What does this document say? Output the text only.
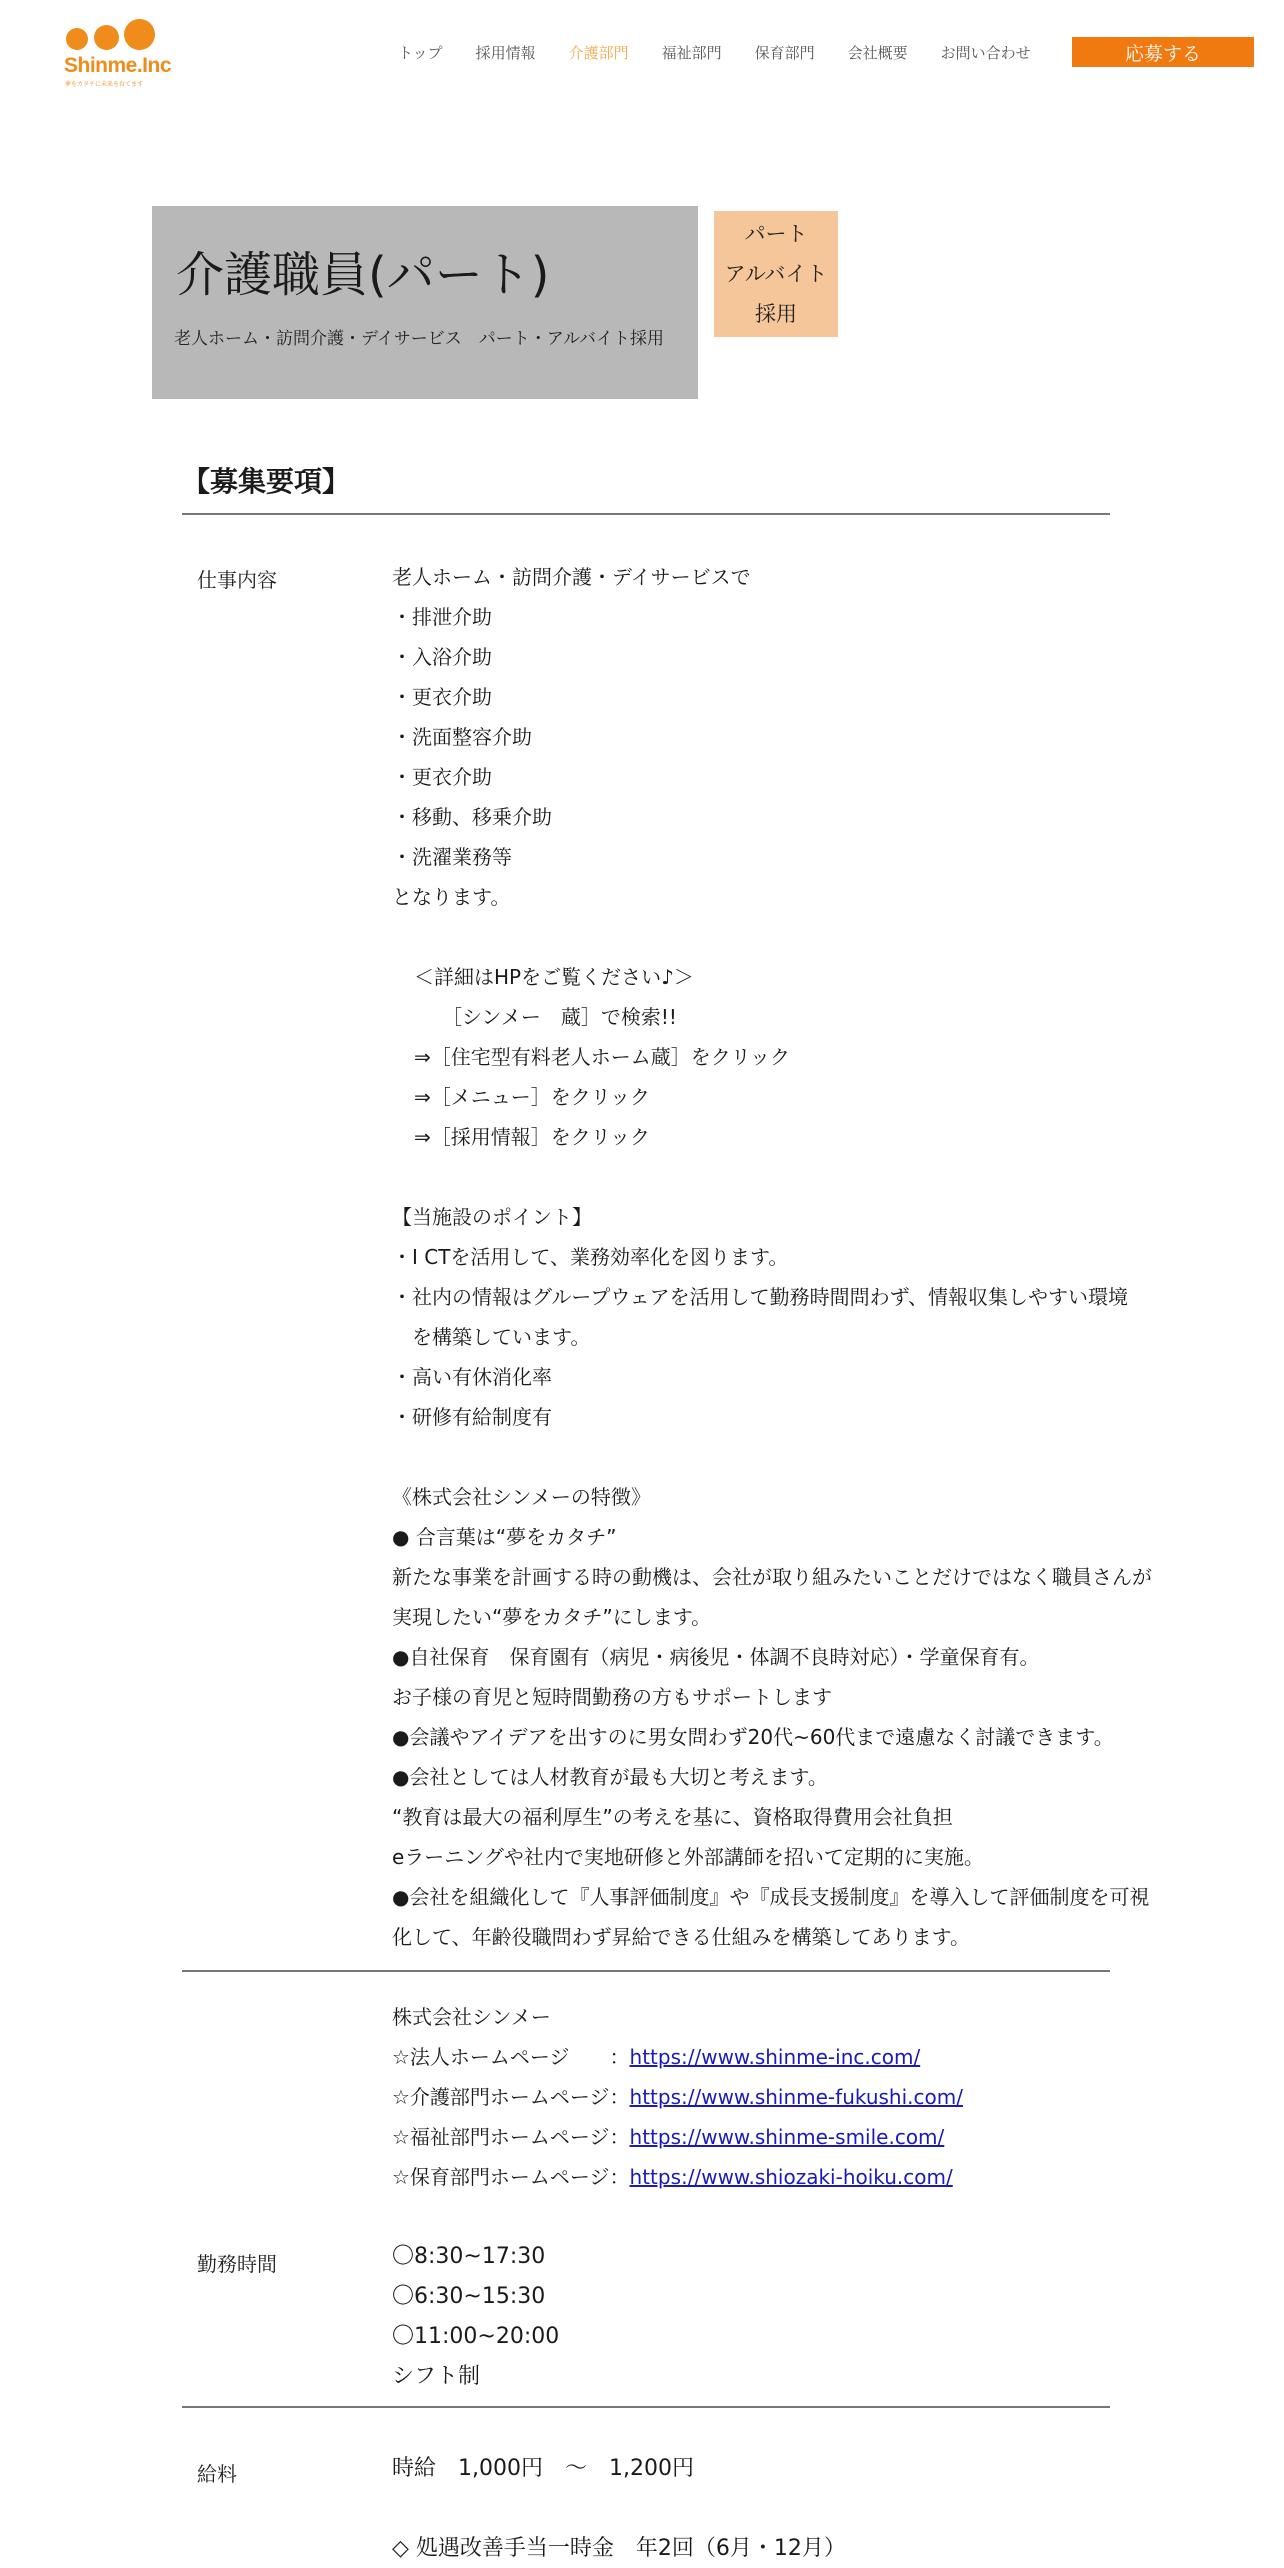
Shinme.Inc
夢をカタチに未来を育てます
トップ 採用情報 介護部門 福祉部門 保育部門 会社概要 お問い合わせ	応募する
介護職員(パート)
老人ホーム・訪問介護・デイサービス　パート・アルバイト採用
パート
アルバイト
採用
【募集要項】
仕事内容	老人ホーム・訪問介護・デイサービスで
・排泄介助
・入浴介助
・更衣介助
・洗面整容介助
・更衣介助
・移動、移乗介助
・洗濯業務等
となります。
＜詳細はHPをご覧ください♪＞
［シンメー　蔵］で検索!!
⇒［住宅型有料老人ホーム蔵］をクリック
⇒［メニュー］をクリック
⇒［採用情報］をクリック
【当施設のポイント】
・I CTを活用して、業務効率化を図ります。
・社内の情報はグループウェアを活用して勤務時間問わず、情報収集しやすい環境
を構築しています。
・高い有休消化率
・研修有給制度有
《株式会社シンメーの特徴》
● 合言葉は“夢をカタチ”
新たな事業を計画する時の動機は、会社が取り組みたいことだけではなく職員さんが
実現したい“夢をカタチ”にします。
●自社保育　保育園有（病児・病後児・体調不良時対応）・学童保育有。
お子様の育児と短時間勤務の方もサポートします
●会議やアイデアを出すのに男女問わず20代~60代まで遠慮なく討議できます。
●会社としては人材教育が最も大切と考えます。
“教育は最大の福利厚生”の考えを基に、資格取得費用会社負担
eラーニングや社内で実地研修と外部講師を招いて定期的に実施。
●会社を組織化して『人事評価制度』や『成長支援制度』を導入して評価制度を可視
化して、年齢役職問わず昇給できる仕組みを構築してあります。
株式会社シンメー
☆法人ホームページ　　：https://www.shinme-inc.com/
☆介護部門ホームページ：https://www.shinme-fukushi.com/
☆福祉部門ホームページ：https://www.shinme-smile.com/
☆保育部門ホームページ：https://www.shiozaki-hoiku.com/
勤務時間	〇8:30~17:30
〇6:30~15:30
〇11:00~20:00
シフト制
給料	時給　1,000円　～　1,200円
◇ 処遇改善手当一時金　年2回（6月・12月）
